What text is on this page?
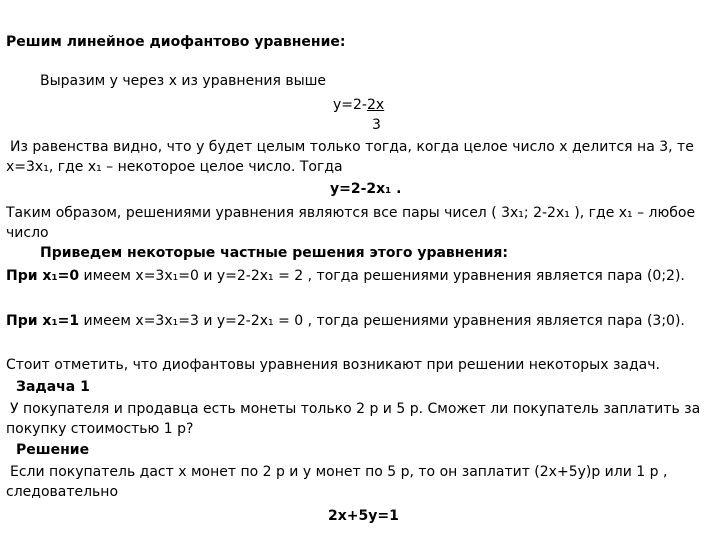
Решим линейное диофантово уравнение:
Выразим y через x из уравнения выше
y=2-2x
3
Из равенства видно, что y будет целым только тогда, когда целое число x делится на 3, те
x=3x₁, где x₁ – некоторое целое число. Тогда
y=2-2x₁ .
Таким образом, решениями уравнения являются все пары чисел ( 3x₁; 2-2x₁ ), где x₁ – любое
число
Приведем некоторые частные решения этого уравнения:
При x₁=0 имеем x=3x₁=0 и y=2-2x₁ = 2 , тогда решениями уравнения является пара (0;2).
При x₁=1 имеем x=3x₁=3 и y=2-2x₁ = 0 , тогда решениями уравнения является пара (3;0).
Стоит отметить, что диофантовы уравнения возникают при решении некоторых задач.
Задача 1
У покупателя и продавца есть монеты только 2 р и 5 р. Сможет ли покупатель заплатить за
покупку стоимостью 1 р?
Решение
Если покупатель даст x монет по 2 р и y монет по 5 р, то он заплатит (2x+5y)р или 1 р ,
следовательно
2x+5y=1
